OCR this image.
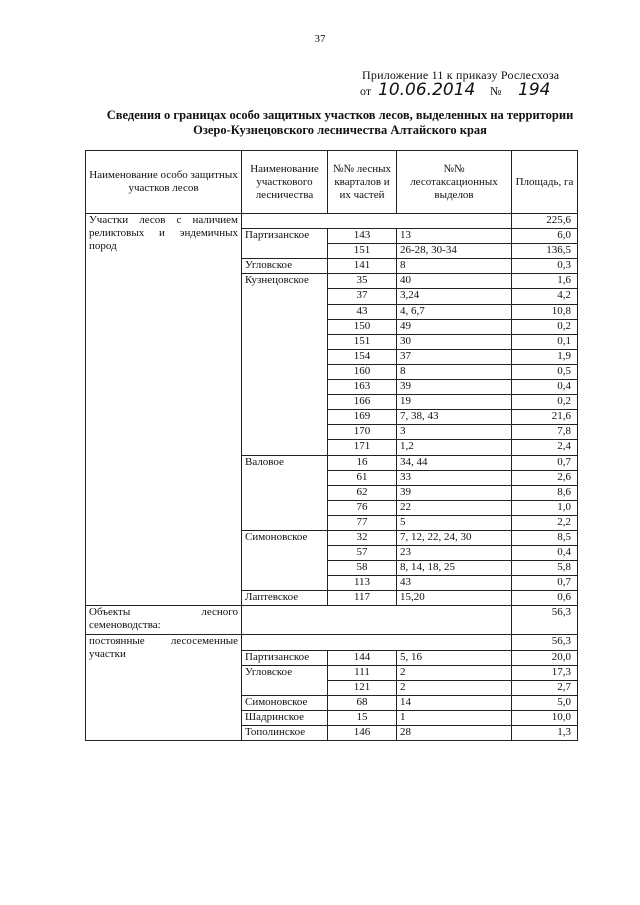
37
Приложение 11 к приказу Рослесхоза
от 10.06.2014 № 194
Сведения о границах особо защитных участков лесов, выделенных на территории
Озеро-Кузнецовского лесничества Алтайского края
Наименование особо защитных участков лесов	Наименование участкового лесничества	№№ лесных кварталов и их частей	№№ лесотаксационных выделов	Площадь, га
Участки лесов с наличием реликтовых и эндемичных пород				225,6
	Партизанское	143	13	6,0
		151	26-28, 30-34	136,5
	Угловское	141	8	0,3
	Кузнецовское	35	40	1,6
		37	3,24	4,2
		43	4, 6,7	10,8
		150	49	0,2
		151	30	0,1
		154	37	1,9
		160	8	0,5
		163	39	0,4
		166	19	0,2
		169	7, 38, 43	21,6
		170	3	7,8
		171	1,2	2,4
	Валовое	16	34, 44	0,7
		61	33	2,6
		62	39	8,6
		76	22	1,0
		77	5	2,2
	Симоновское	32	7, 12, 22, 24, 30	8,5
		57	23	0,4
		58	8, 14, 18, 25	5,8
		113	43	0,7
	Лаптевское	117	15,20	0,6
Объекты лесного семеноводства:				56,3
постоянные лесосеменные участки				56,3
	Партизанское	144	5, 16	20,0
	Угловское	111	2	17,3
		121	2	2,7
	Симоновское	68	14	5,0
	Шадринское	15	1	10,0
	Тополинское	146	28	1,3
